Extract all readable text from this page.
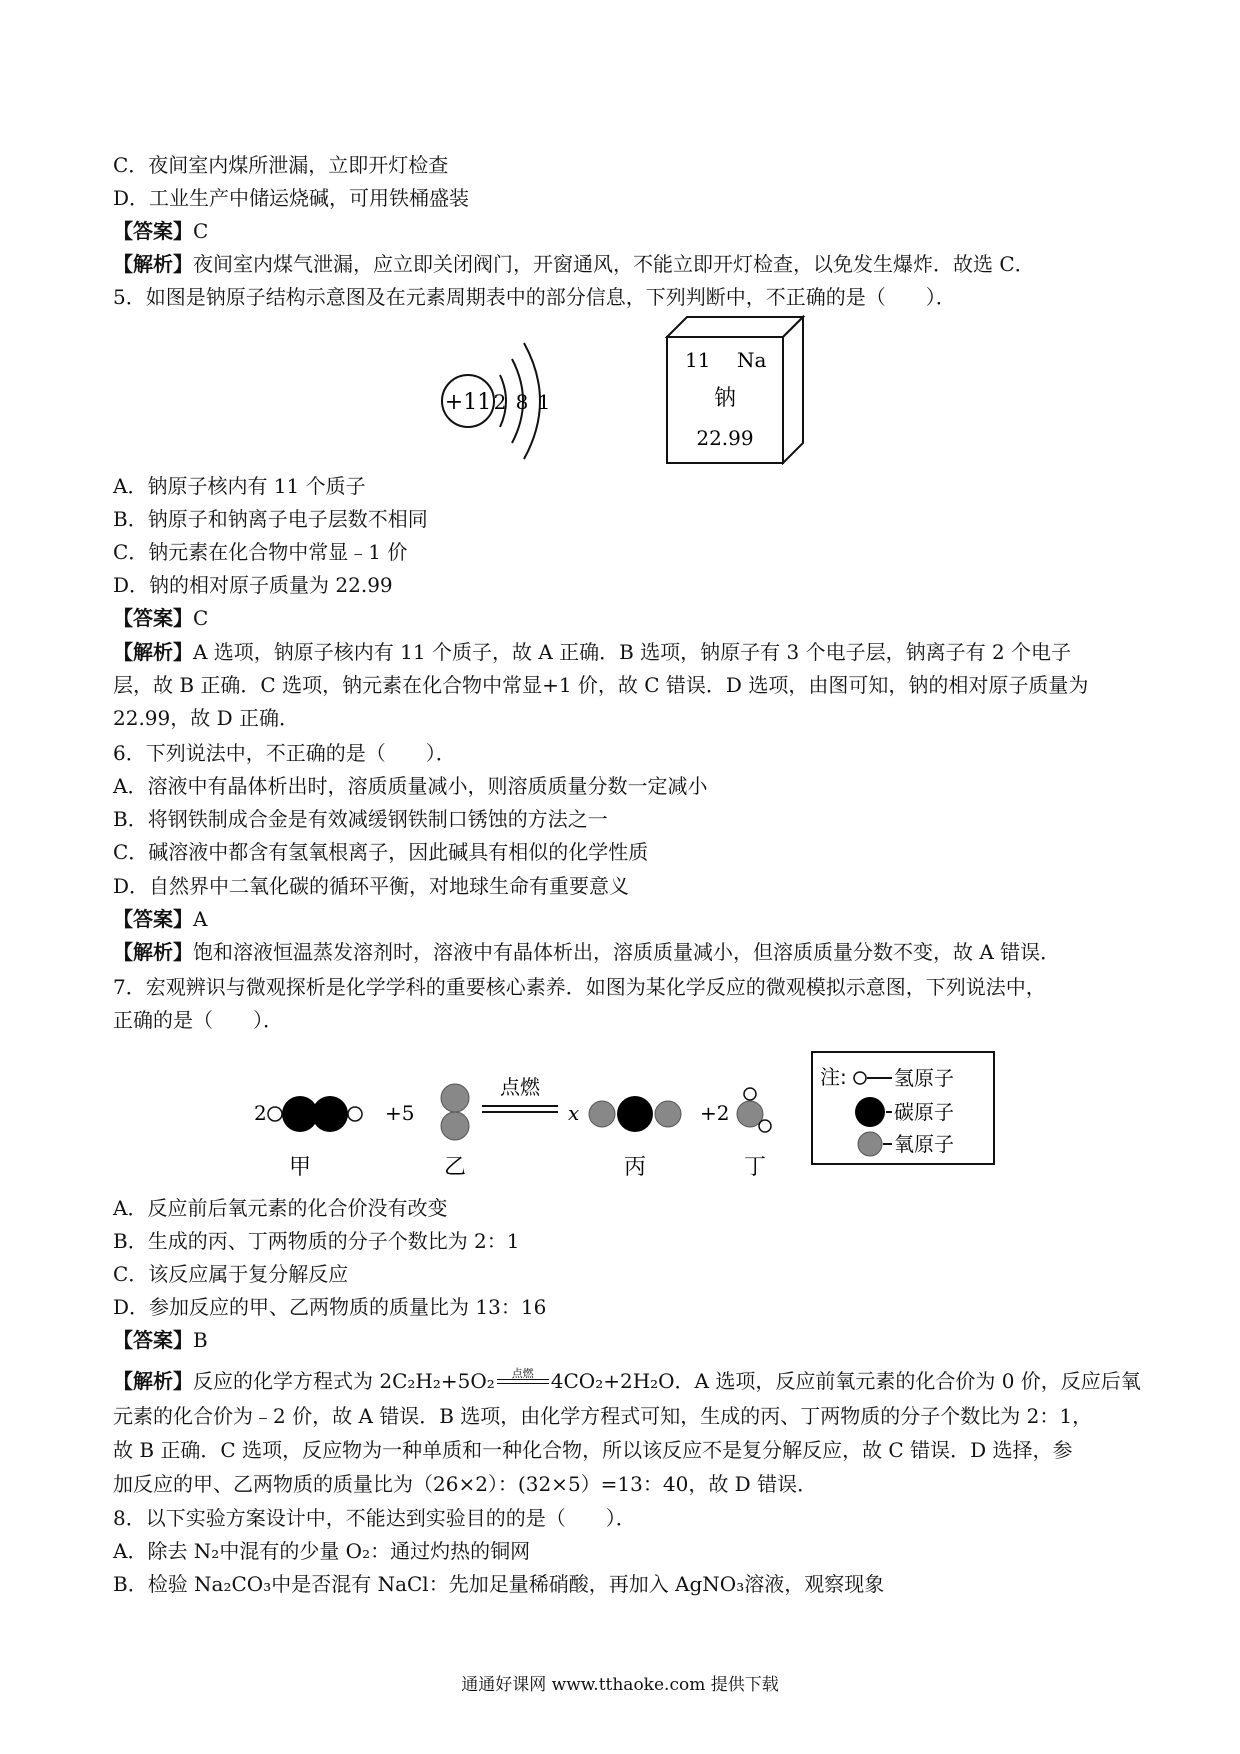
C．夜间室内煤所泄漏，立即开灯检查
D．工业生产中储运烧碱，可用铁桶盛装
【答案】C
【解析】夜间室内煤气泄漏，应立即关闭阀门，开窗通风，不能立即开灯检查，以免发生爆炸．故选 C．
5．如图是钠原子结构示意图及在元素周期表中的部分信息，下列判断中，不正确的是（　　）．
+11 2 8 1
11 Na
钠
22.99
A．钠原子核内有 11 个质子
B．钠原子和钠离子电子层数不相同
C．钠元素在化合物中常显﹣1 价
D．钠的相对原子质量为 22.99
【答案】C
【解析】A 选项，钠原子核内有 11 个质子，故 A 正确．B 选项，钠原子有 3 个电子层，钠离子有 2 个电子
层，故 B 正确．C 选项，钠元素在化合物中常显+1 价，故 C 错误．D 选项，由图可知，钠的相对原子质量为
22.99，故 D 正确．
6．下列说法中，不正确的是（　　）．
A．溶液中有晶体析出时，溶质质量减小，则溶质质量分数一定减小
B．将钢铁制成合金是有效减缓钢铁制口锈蚀的方法之一
C．碱溶液中都含有氢氧根离子，因此碱具有相似的化学性质
D．自然界中二氧化碳的循环平衡，对地球生命有重要意义
【答案】A
【解析】饱和溶液恒温蒸发溶剂时，溶液中有晶体析出，溶质质量减小，但溶质质量分数不变，故 A 错误．
7．宏观辨识与微观探析是化学学科的重要核心素养．如图为某化学反应的微观模拟示意图，下列说法中，
正确的是（　　）．
2
甲
+5
乙
点燃
x
丙
+2
丁
注: 氢原子
碳原子
氧原子
A．反应前后氧元素的化合价没有改变
B．生成的丙、丁两物质的分子个数比为 2：1
C．该反应属于复分解反应
D．参加反应的甲、乙两物质的质量比为 13：16
【答案】B
【解析】反应的化学方程式为 2C₂H₂+5O₂	点燃 4CO₂+2H₂O．A 选项，反应前氧元素的化合价为 0 价，反应后氧
元素的化合价为﹣2 价，故 A 错误．B 选项，由化学方程式可知，生成的丙、丁两物质的分子个数比为 2：1，
故 B 正确．C 选项，反应物为一种单质和一种化合物，所以该反应不是复分解反应，故 C 错误．D 选择，参
加反应的甲、乙两物质的质量比为（26×2）：(32×5）=13：40，故 D 错误．
8．以下实验方案设计中，不能达到实验目的的是（　　）．
A．除去 N₂中混有的少量 O₂：通过灼热的铜网
B．检验 Na₂CO₃中是否混有 NaCl：先加足量稀硝酸，再加入 AgNO₃溶液，观察现象
通通好课网 www.tthaoke.com 提供下载
